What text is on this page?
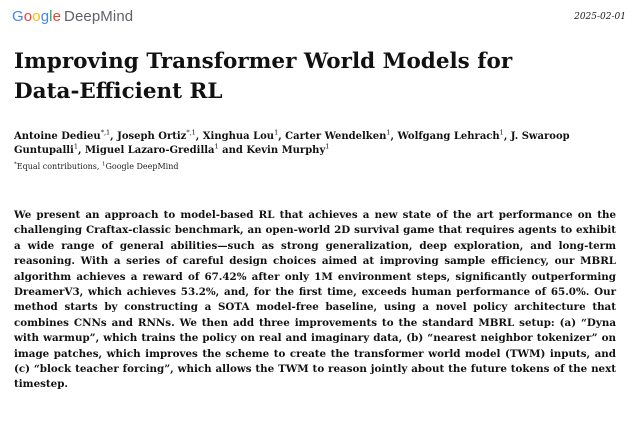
Google DeepMind	2025-02-01
Improving Transformer World Models for
Data-Efficient RL
Antoine Dedieu$^{*,1}$, Joseph Ortiz$^{*,1}$, Xinghua Lou$^1$, Carter Wendelken$^1$, Wolfgang Lehrach$^1$, J. Swaroop Guntupalli$^1$, Miguel Lazaro-Gredilla$^1$ and Kevin Murphy$^1$
*Equal contributions, $^1$Google DeepMind

We present an approach to model-based RL that achieves a new state of the art performance on the challenging Craftax-classic benchmark, an open-world 2D survival game that requires agents to exhibit a wide range of general abilities—such as strong generalization, deep exploration, and long-term reasoning. With a series of careful design choices aimed at improving sample efficiency, our MBRL algorithm achieves a reward of 67.42% after only 1M environment steps, significantly outperforming DreamerV3, which achieves 53.2%, and, for the first time, exceeds human performance of 65.0%. Our method starts by constructing a SOTA model-free baseline, using a novel policy architecture that combines CNNs and RNNs. We then add three improvements to the standard MBRL setup: (a) “Dyna with warmup”, which trains the policy on real and imaginary data, (b) “nearest neighbor tokenizer” on image patches, which improves the scheme to create the transformer world model (TWM) inputs, and (c) “block teacher forcing”, which allows the TWM to reason jointly about the future tokens of the next timestep.
